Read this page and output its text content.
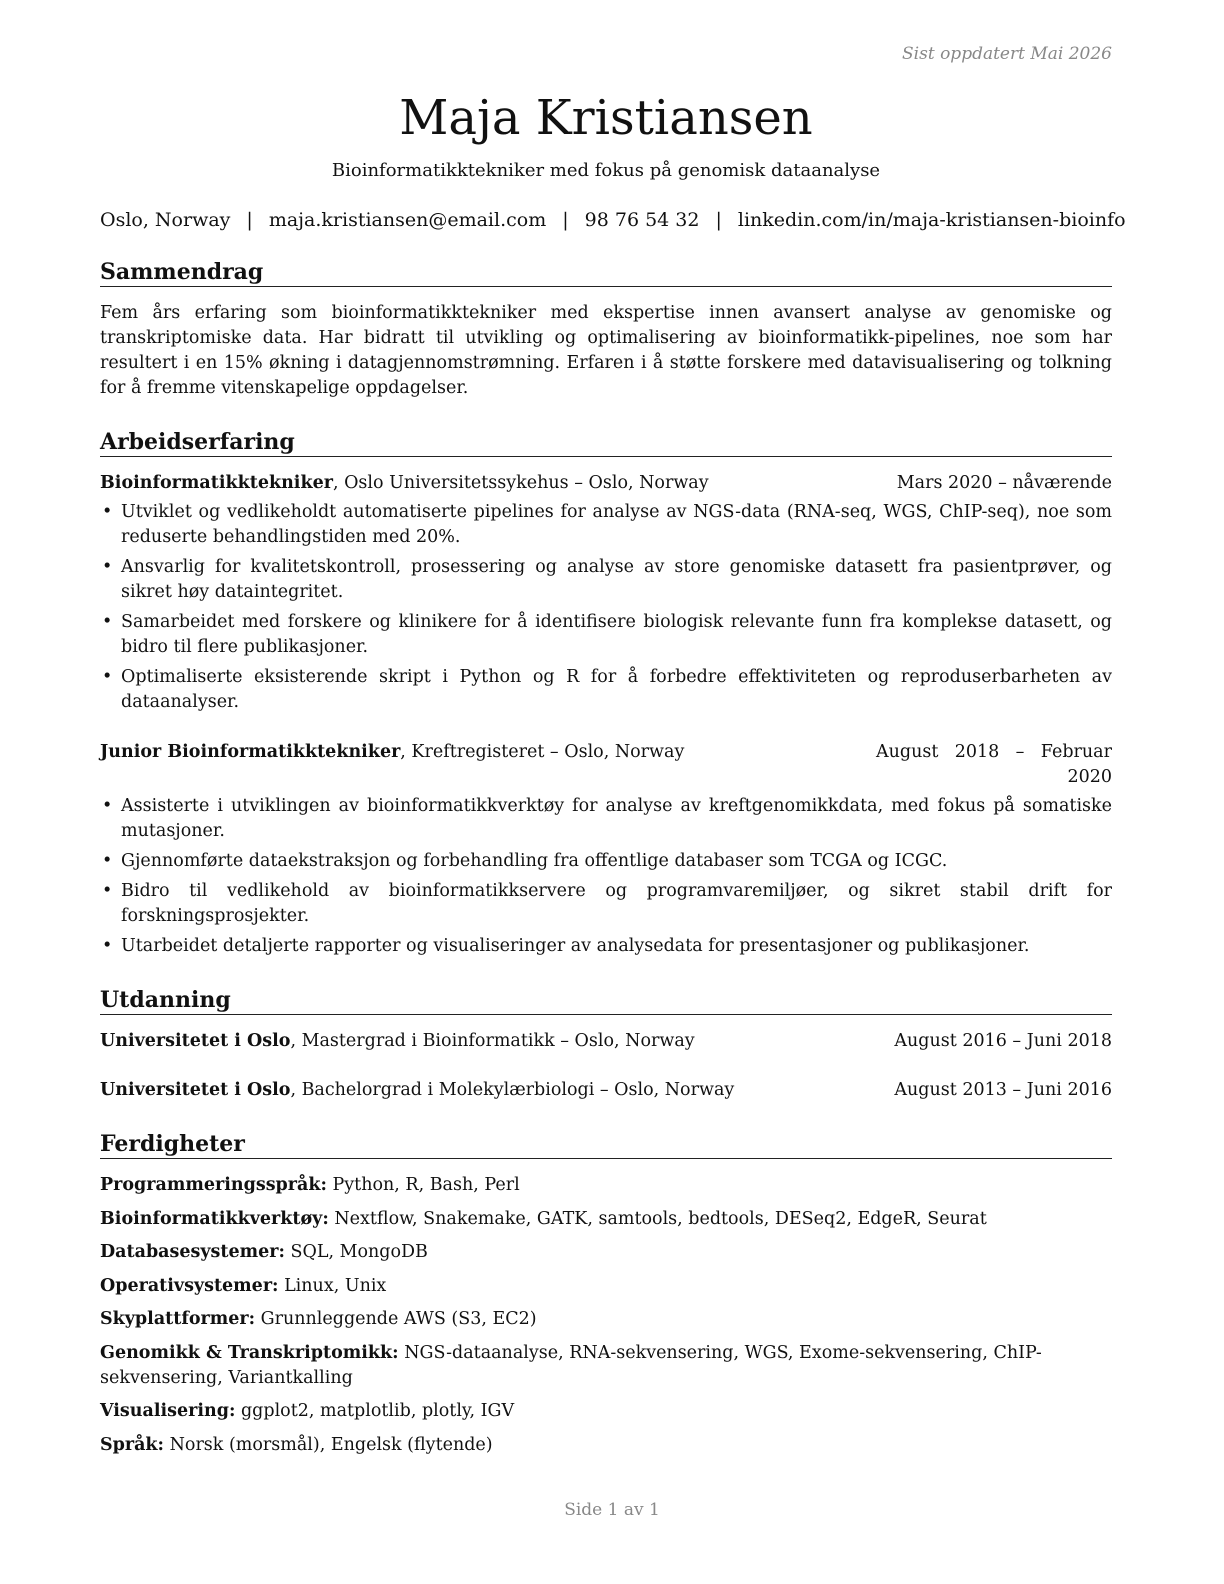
Sist oppdatert Mai 2026
Maja Kristiansen
Bioinformatikktekniker med fokus på genomisk dataanalyse
Oslo, Norway | maja.kristiansen@email.com | 98 76 54 32 | linkedin.com/in/maja-kristiansen-bioinfo
Sammendrag
Fem års erfaring som bioinformatikktekniker med ekspertise innen avansert analyse av genomiske og transkriptomiske data. Har bidratt til utvikling og optimalisering av bioinformatikk-pipelines, noe som har resultert i en 15% økning i datagjennomstrømning. Erfaren i å støtte forskere med datavisualisering og tolkning for å fremme vitenskapelige oppdagelser.
Arbeidserfaring
Bioinformatikktekniker, Oslo Universitetssykehus – Oslo, Norway	Mars 2020 – nåværende
• Utviklet og vedlikeholdt automatiserte pipelines for analyse av NGS-data (RNA-seq, WGS, ChIP-seq), noe som reduserte behandlingstiden med 20%.
• Ansvarlig for kvalitetskontroll, prosessering og analyse av store genomiske datasett fra pasientprøver, og sikret høy dataintegritet.
• Samarbeidet med forskere og klinikere for å identifisere biologisk relevante funn fra komplekse datasett, og bidro til flere publikasjoner.
• Optimaliserte eksisterende skript i Python og R for å forbedre effektiviteten og reproduserbarheten av dataanalyser.
Junior Bioinformatikktekniker, Kreftregisteret – Oslo, Norway	August 2018 – Februar 2020
• Assisterte i utviklingen av bioinformatikkverktøy for analyse av kreftgenomikkdata, med fokus på somatiske mutasjoner.
• Gjennomførte dataekstraksjon og forbehandling fra offentlige databaser som TCGA og ICGC.
• Bidro til vedlikehold av bioinformatikkservere og programvaremiljøer, og sikret stabil drift for forskningsprosjekter.
• Utarbeidet detaljerte rapporter og visualiseringer av analysedata for presentasjoner og publikasjoner.
Utdanning
Universitetet i Oslo, Mastergrad i Bioinformatikk – Oslo, Norway	August 2016 – Juni 2018
Universitetet i Oslo, Bachelorgrad i Molekylærbiologi – Oslo, Norway	August 2013 – Juni 2016
Ferdigheter
Programmeringsspråk: Python, R, Bash, Perl
Bioinformatikkverktøy: Nextflow, Snakemake, GATK, samtools, bedtools, DESeq2, EdgeR, Seurat
Databasesystemer: SQL, MongoDB
Operativsystemer: Linux, Unix
Skyplattformer: Grunnleggende AWS (S3, EC2)
Genomikk & Transkriptomikk: NGS-dataanalyse, RNA-sekvensering, WGS, Exome-sekvensering, ChIP-sekvensering, Variantkalling
Visualisering: ggplot2, matplotlib, plotly, IGV
Språk: Norsk (morsmål), Engelsk (flytende)
Side 1 av 1
